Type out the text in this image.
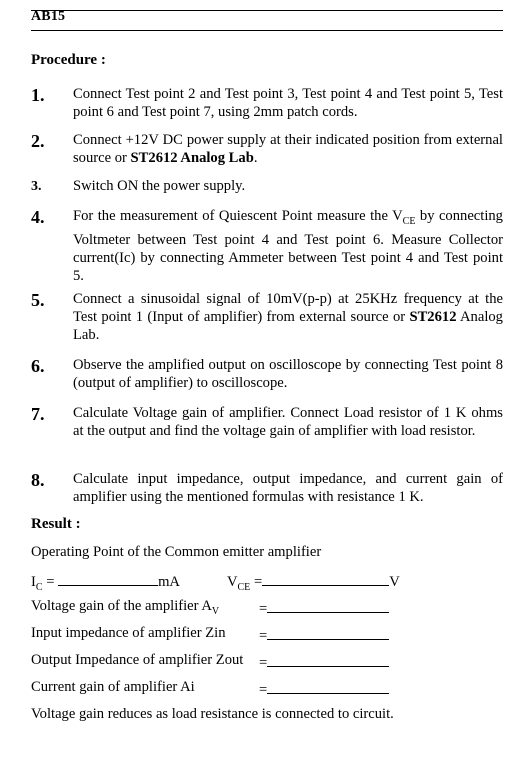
AB15
Procedure :
1.	Connect Test point 2 and Test point 3, Test point 4 and Test point 5, Test point 6 and Test point 7, using 2mm patch cords.
2.	Connect +12V DC power supply at their indicated position from external source or ST2612 Analog Lab.
3.	Switch ON the power supply.
4.	For the measurement of Quiescent Point measure the $V_{CE}$ by connecting Voltmeter between Test point 4 and Test point 6. Measure Collector current(Ic) by connecting Ammeter between Test point 4 and Test point 5.
5.	Connect a sinusoidal signal of 10mV(p-p) at 25KHz frequency at the Test point 1 (Input of amplifier) from external source or ST2612 Analog Lab.
6.	Observe the amplified output on oscilloscope by connecting Test point 8 (output of amplifier) to oscilloscope.
7.	Calculate Voltage gain of amplifier. Connect Load resistor of 1 K ohms at the output and find the voltage gain of amplifier with load resistor.
8.	Calculate input impedance, output impedance, and current gain of amplifier using the mentioned formulas with resistance 1 K.
Result :
Operating Point of the Common emitter amplifier
$I_C$ =	mA	$V_{CE}$ =	V
Voltage gain of the amplifier $A_V$	=
Input impedance of amplifier Zin =
Output Impedance of amplifier Zout =
Current gain of amplifier Ai	=
Voltage gain reduces as load resistance is connected to circuit.
